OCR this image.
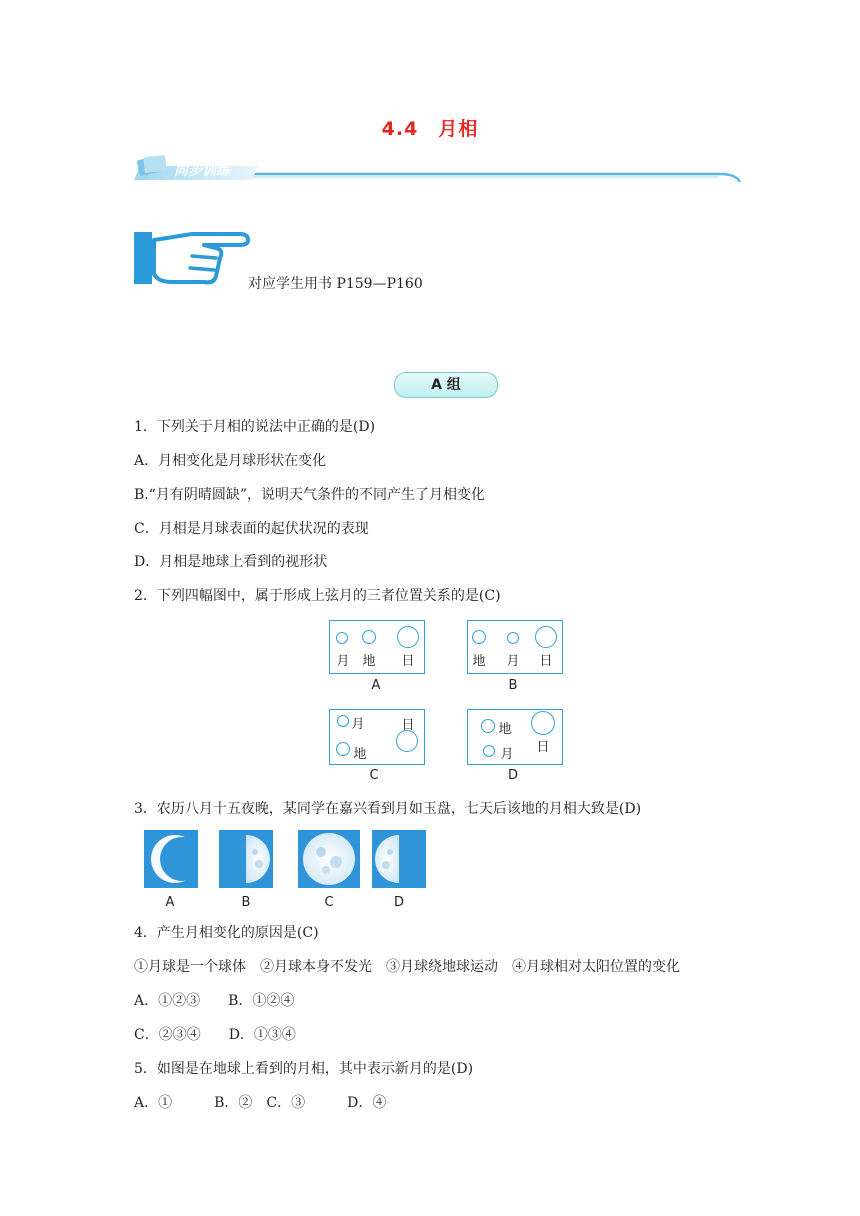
4.4　月相
同步训练
对应学生用书 P159—P160
A 组
1．下列关于月相的说法中正确的是(D)
A．月相变化是月球形状在变化
B.“月有阴晴圆缺”，说明天气条件的不同产生了月相变化
C．月相是月球表面的起伏状况的表现
D．月相是地球上看到的视形状
2．下列四幅图中，属于形成上弦月的三者位置关系的是(C)
月 地 日
A
地 月 日
B
月	日
地
C
地
月 日
D
3．农历八月十五夜晚，某同学在嘉兴看到月如玉盘，七天后该地的月相大致是(D)
A	B	C	D
4．产生月相变化的原因是(C)
①月球是一个球体　②月球本身不发光　③月球绕地球运动　④月球相对太阳位置的变化
A．①②③　　B．①②④
C．②③④　　D．①③④
5．如图是在地球上看到的月相，其中表示新月的是(D)
A．①　　　B．②　C．③　　　D．④
